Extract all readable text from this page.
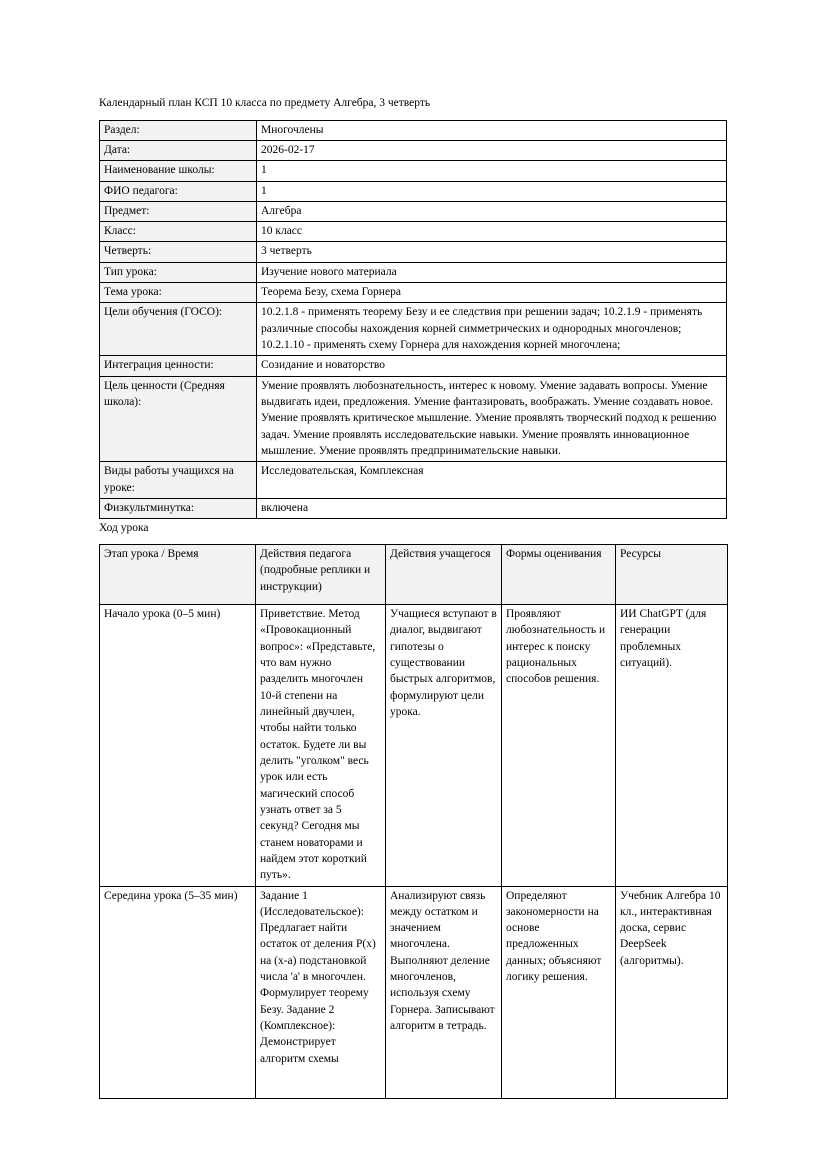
Календарный план КСП 10 класса по предмету Алгебра, 3 четверть
Раздел:	Многочлены
Дата:	2026-02-17
Наименование школы:	1
ФИО педагога:	1
Предмет:	Алгебра
Класс:	10 класс
Четверть:	3 четверть
Тип урока:	Изучение нового материала
Тема урока:	Теорема Безу, схема Горнера
Цели обучения (ГОСО):	10.2.1.8 - применять теорему Безу и ее следствия при решении задач; 10.2.1.9 - применять различные способы нахождения корней симметрических и однородных многочленов; 10.2.1.10 - применять схему Горнера для нахождения корней многочлена;
Интеграция ценности:	Созидание и новаторство
Цель ценности (Средняя школа):	Умение проявлять любознательность, интерес к новому. Умение задавать вопросы. Умение выдвигать идеи, предложения. Умение фантазировать, воображать. Умение создавать новое. Умение проявлять критическое мышление. Умение проявлять творческий подход к решению задач. Умение проявлять исследовательские навыки. Умение проявлять инновационное мышление. Умение проявлять предпринимательские навыки.
Виды работы учащихся на уроке:	Исследовательская, Комплексная
Физкультминутка:	включена
Ход урока
Этап урока / Время	Действия педагога (подробные реплики и инструкции)	Действия учащегося	Формы оценивания	Ресурсы
Начало урока (0–5 мин)	Приветствие. Метод «Провокационный вопрос»: «Представьте, что вам нужно разделить многочлен 10-й степени на линейный двучлен, чтобы найти только остаток. Будете ли вы делить "уголком" весь урок или есть магический способ узнать ответ за 5 секунд? Сегодня мы станем новаторами и найдем этот короткий путь».	Учащиеся вступают в диалог, выдвигают гипотезы о существовании быстрых алгоритмов, формулируют цели урока.	Проявляют любознательность и интерес к поиску рациональных способов решения.	ИИ ChatGPT (для генерации проблемных ситуаций).
Середина урока (5–35 мин)	Задание 1 (Исследовательское): Предлагает найти остаток от деления P(x) на (x-a) подстановкой числа 'a' в многочлен. Формулирует теорему Безу. Задание 2 (Комплексное): Демонстрирует алгоритм схемы	Анализируют связь между остатком и значением многочлена. Выполняют деление многочленов, используя схему Горнера. Записывают алгоритм в тетрадь.	Определяют закономерности на основе предложенных данных; объясняют логику решения.	Учебник Алгебра 10 кл., интерактивная доска, сервис DeepSeek (алгоритмы).
